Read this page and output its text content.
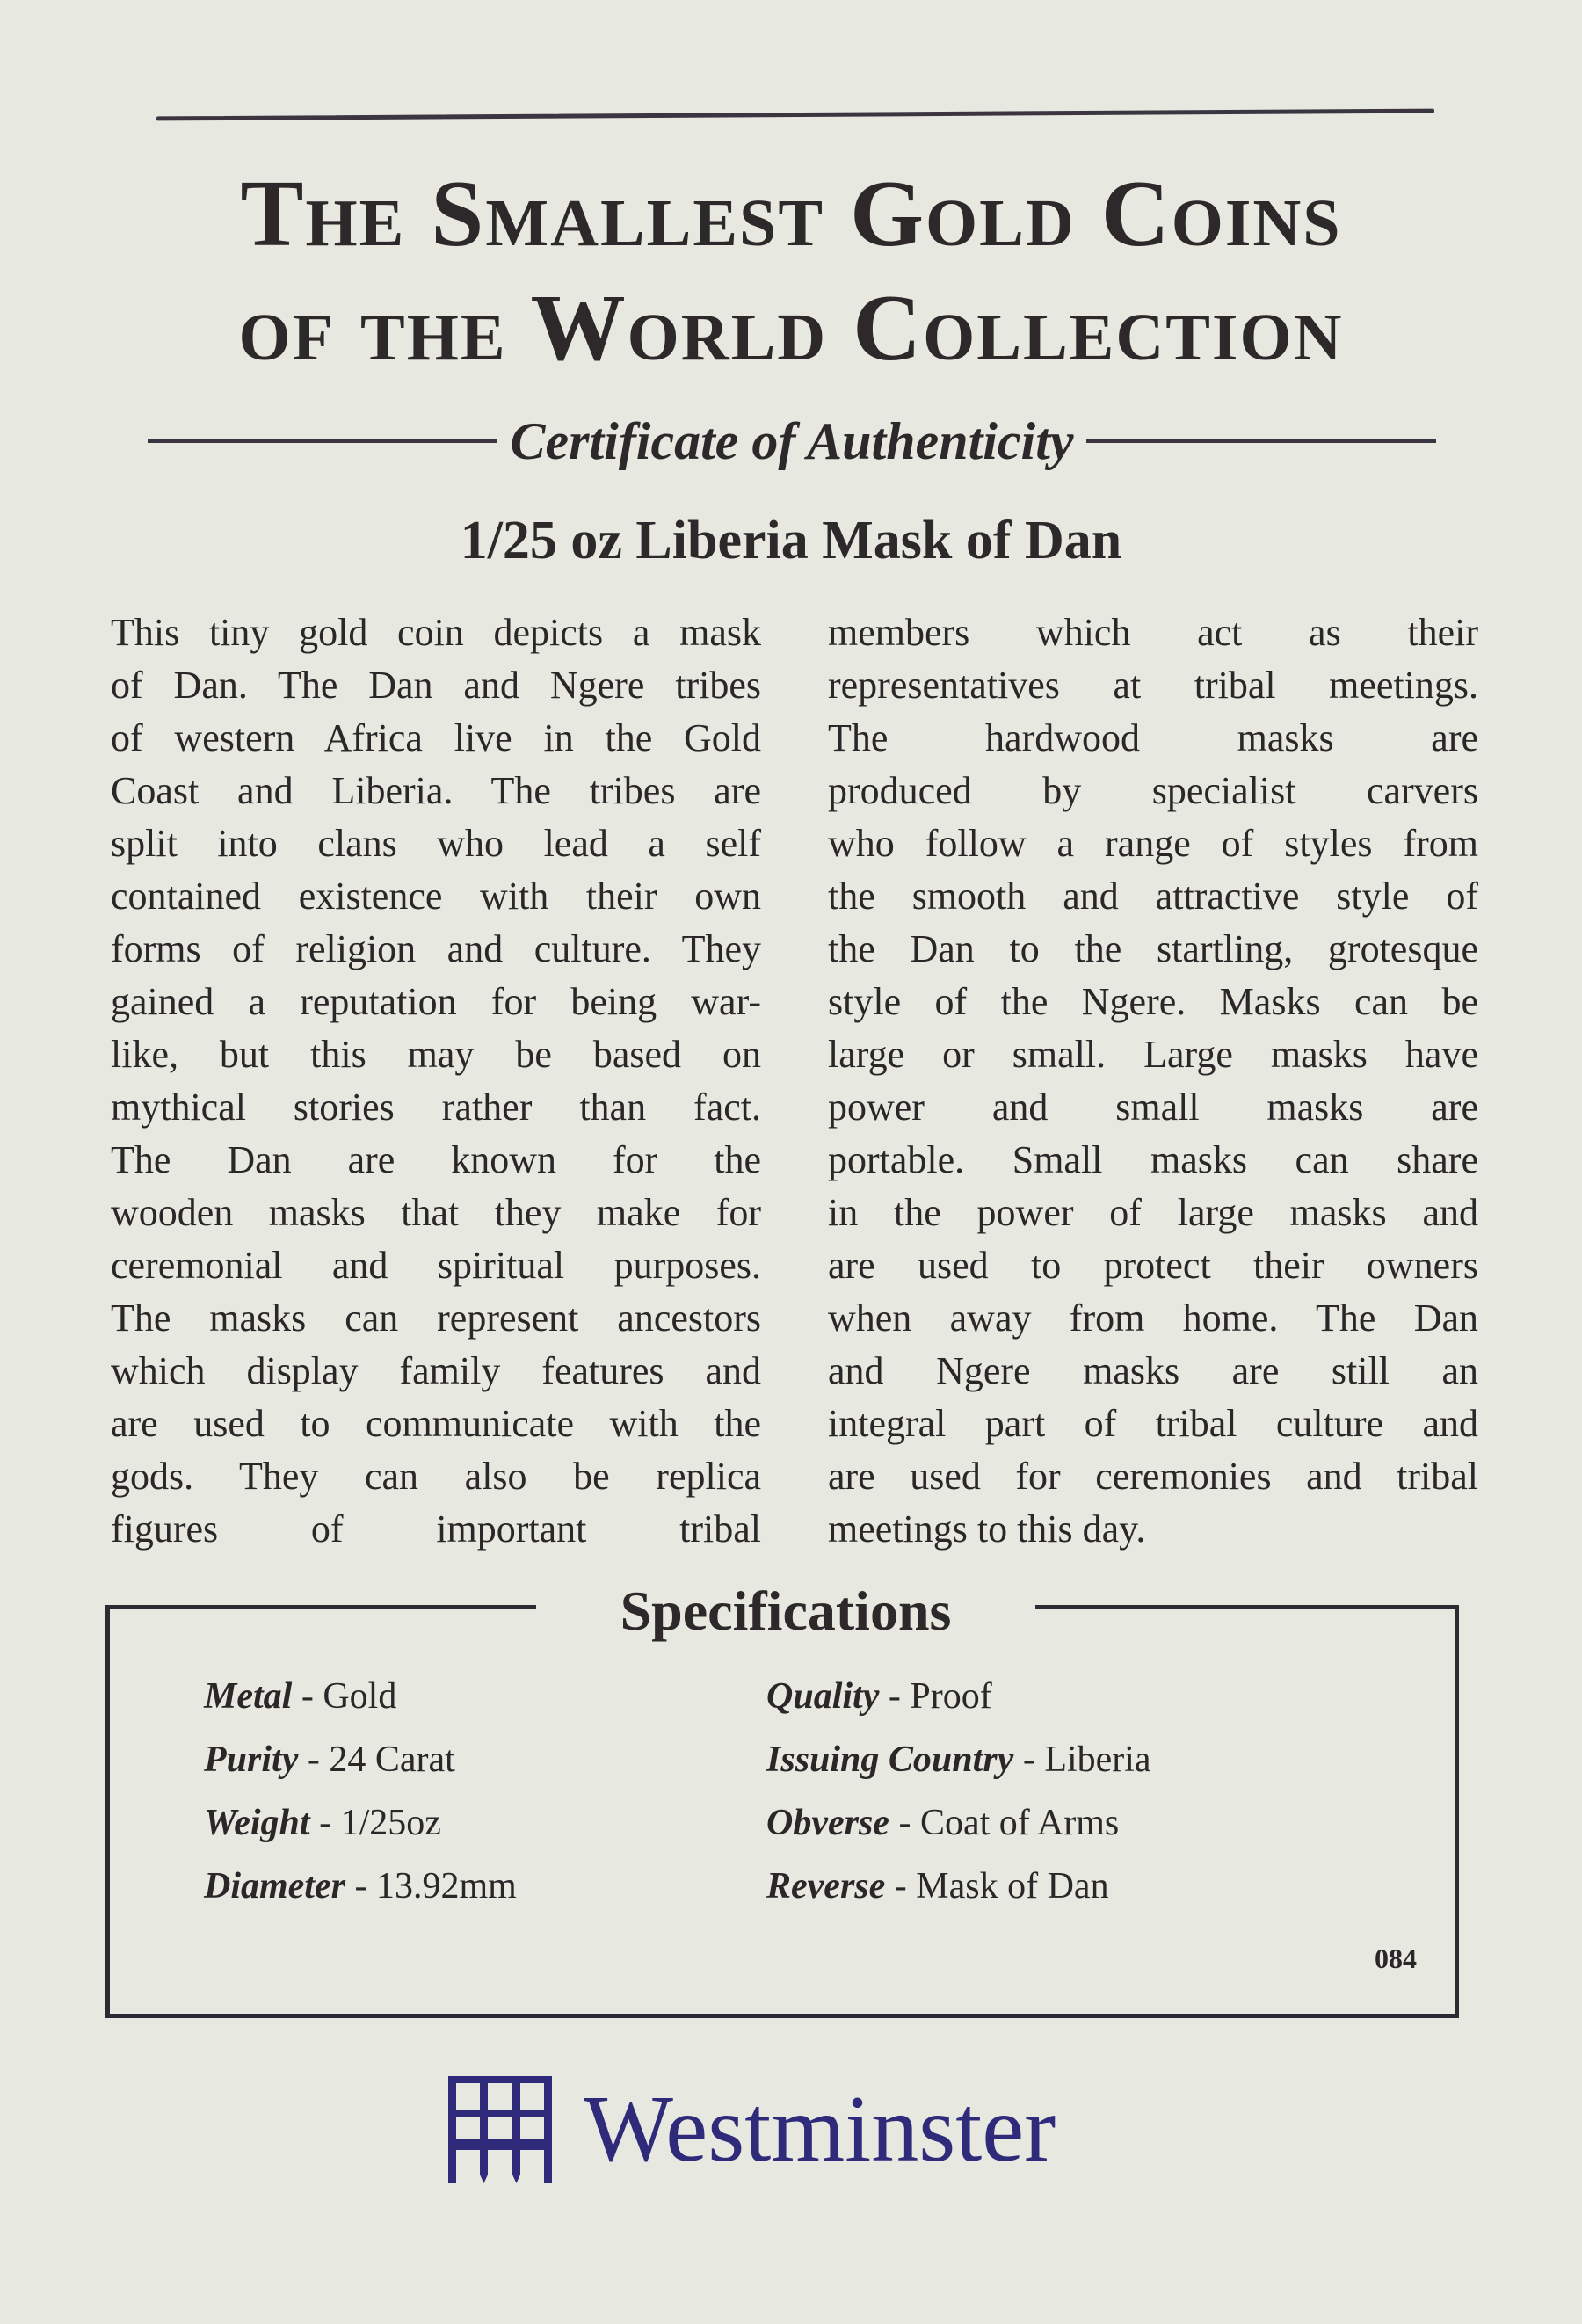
The Smallest Gold Coins
of the World Collection
Certificate of Authenticity
1/25 oz Liberia Mask of Dan
This tiny gold coin depicts a mask
of Dan. The Dan and Ngere tribes
of western Africa live in the Gold
Coast and Liberia. The tribes are
split into clans who lead a self
contained existence with their own
forms of religion and culture. They
gained a reputation for being war-
like, but this may be based on
mythical stories rather than fact.
The Dan are known for the
wooden masks that they make for
ceremonial and spiritual purposes.
The masks can represent ancestors
which display family features and
are used to communicate with the
gods. They can also be replica
figures of important tribal
members which act as their
representatives at tribal meetings.
The hardwood masks are
produced by specialist carvers
who follow a range of styles from
the smooth and attractive style of
the Dan to the startling, grotesque
style of the Ngere. Masks can be
large or small. Large masks have
power and small masks are
portable. Small masks can share
in the power of large masks and
are used to protect their owners
when away from home. The Dan
and Ngere masks are still an
integral part of tribal culture and
are used for ceremonies and tribal
meetings to this day.
Specifications
Metal - Gold
Purity - 24 Carat
Weight - 1/25oz
Diameter - 13.92mm
Quality - Proof
Issuing Country - Liberia
Obverse - Coat of Arms
Reverse - Mask of Dan
084
Westminster
